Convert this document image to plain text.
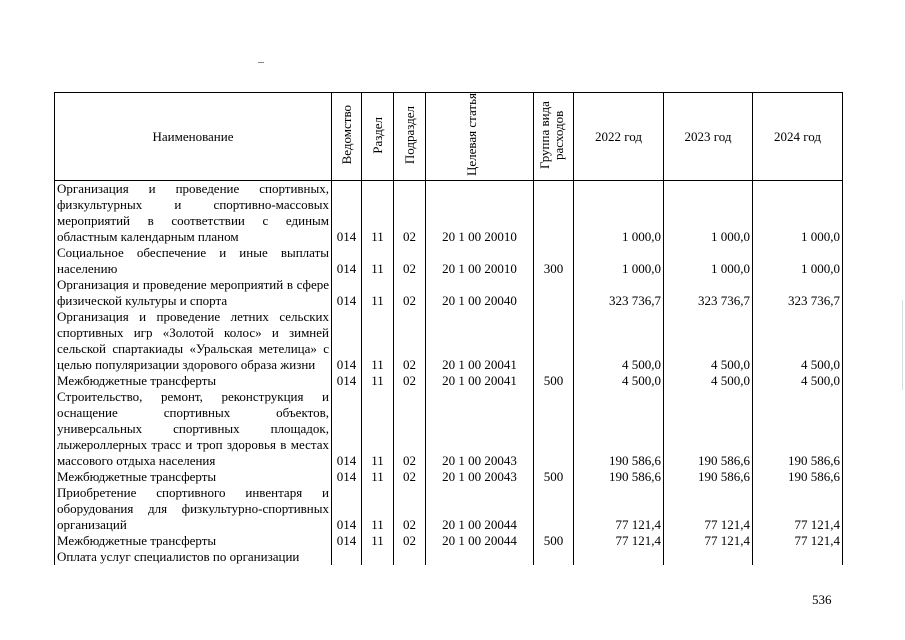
Наименование	Ведомство	Раздел	Подраздел	Целевая статья	Группа вида расходов	2022 год	2023 год	2024 год
Организация и проведение спортивных, физкультурных и спортивно-массовых мероприятий в соответствии с единым областным календарным планом	014	11	02	20 1 00 20010		1 000,0	1 000,0	1 000,0
Социальное обеспечение и иные выплаты населению	014	11	02	20 1 00 20010	300	1 000,0	1 000,0	1 000,0
Организация и проведение мероприятий в сфере физической культуры и спорта	014	11	02	20 1 00 20040		323 736,7	323 736,7	323 736,7
Организация и проведение летних сельских спортивных игр «Золотой колос» и зимней сельской спартакиады «Уральская метелица» с целью популяризации здорового образа жизни	014	11	02	20 1 00 20041		4 500,0	4 500,0	4 500,0
Межбюджетные трансферты	014	11	02	20 1 00 20041	500	4 500,0	4 500,0	4 500,0
Строительство, ремонт, реконструкция и оснащение спортивных объектов, универсальных спортивных площадок, лыжероллерных трасс и троп здоровья в местах массового отдыха населения	014	11	02	20 1 00 20043		190 586,6	190 586,6	190 586,6
Межбюджетные трансферты	014	11	02	20 1 00 20043	500	190 586,6	190 586,6	190 586,6
Приобретение спортивного инвентаря и оборудования для физкультурно-спортивных организаций	014	11	02	20 1 00 20044		77 121,4	77 121,4	77 121,4
Межбюджетные трансферты	014	11	02	20 1 00 20044	500	77 121,4	77 121,4	77 121,4
Оплата услуг специалистов по организации								
536
